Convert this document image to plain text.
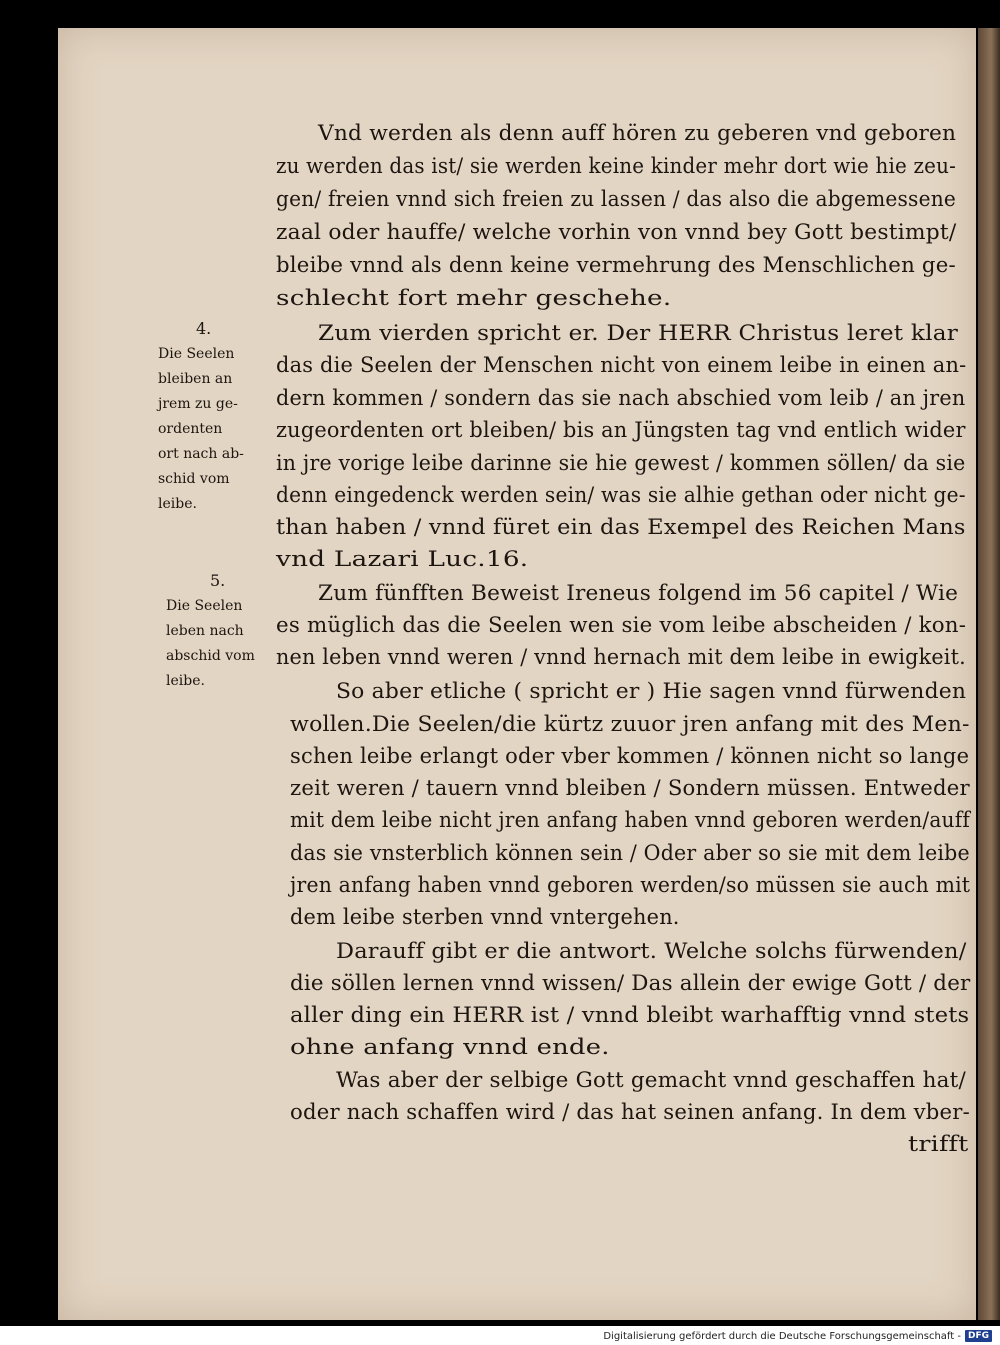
Vnd werden als denn auff hören zu geberen vnd geboren
zu werden das ist/ sie werden keine kinder mehr dort wie hie zeu-
gen/ freien vnnd sich freien zu lassen / das also die abgemessene
zaal oder hauffe/ welche vorhin von vnnd bey Gott bestimpt/
bleibe vnnd als denn keine vermehrung des Menschlichen ge-
schlecht fort mehr geschehe.
Zum vierden spricht er. Der HERR Christus leret klar
das die Seelen der Menschen nicht von einem leibe in einen an-
dern kommen / sondern das sie nach abschied vom leib / an jren
zugeordenten ort bleiben/ bis an Jüngsten tag vnd entlich wider
in jre vorige leibe darinne sie hie gewest / kommen söllen/ da sie
denn eingedenck werden sein/ was sie alhie gethan oder nicht ge-
than haben / vnnd füret ein das Exempel des Reichen Mans
vnd Lazari Luc.16.
Zum fünfften Beweist Ireneus folgend im 56 capitel / Wie
es müglich das die Seelen wen sie vom leibe abscheiden / kon-
nen leben vnnd weren / vnnd hernach mit dem leibe in ewigkeit.
So aber etliche ( spricht er ) Hie sagen vnnd fürwenden
wollen.Die Seelen/die kürtz zuuor jren anfang mit des Men-
schen leibe erlangt oder vber kommen / können nicht so lange
zeit weren / tauern vnnd bleiben / Sondern müssen. Entweder
mit dem leibe nicht jren anfang haben vnnd geboren werden/auff
das sie vnsterblich können sein / Oder aber so sie mit dem leibe
jren anfang haben vnnd geboren werden/so müssen sie auch mit
dem leibe sterben vnnd vntergehen.
Darauff gibt er die antwort. Welche solchs fürwenden/
die söllen lernen vnnd wissen/ Das allein der ewige Gott / der
aller ding ein HERR ist / vnnd bleibt warhafftig vnnd stets
ohne anfang vnnd ende.
Was aber der selbige Gott gemacht vnnd geschaffen hat/
oder nach schaffen wird / das hat seinen anfang. In dem vber-
trifft
4.
Die Seelen
bleiben an
jrem zu ge-
ordenten
ort nach ab-
schid vom
leibe.
5.
Die Seelen
leben nach
abschid vom
leibe.
Digitalisierung gefördert durch die Deutsche Forschungsgemeinschaft - DFG
